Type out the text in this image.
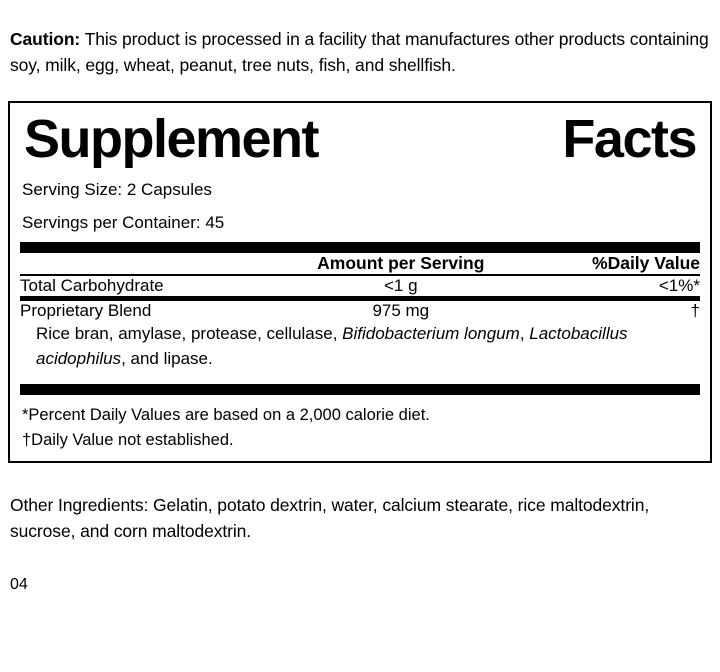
Caution: This product is processed in a facility that manufactures other products containing soy, milk, egg, wheat, peanut, tree nuts, fish, and shellfish.

Supplement	Facts
Serving Size: 2 Capsules
Servings per Container: 45
	Amount per Serving	%Daily Value
Total Carbohydrate	<1 g	<1%*
Proprietary Blend	975 mg	†
Rice bran, amylase, protease, cellulase, Bifidobacterium longum, Lactobacillus acidophilus, and lipase.
*Percent Daily Values are based on a 2,000 calorie diet.
†Daily Value not established.

Other Ingredients: Gelatin, potato dextrin, water, calcium stearate, rice maltodextrin, sucrose, and corn maltodextrin.

04
